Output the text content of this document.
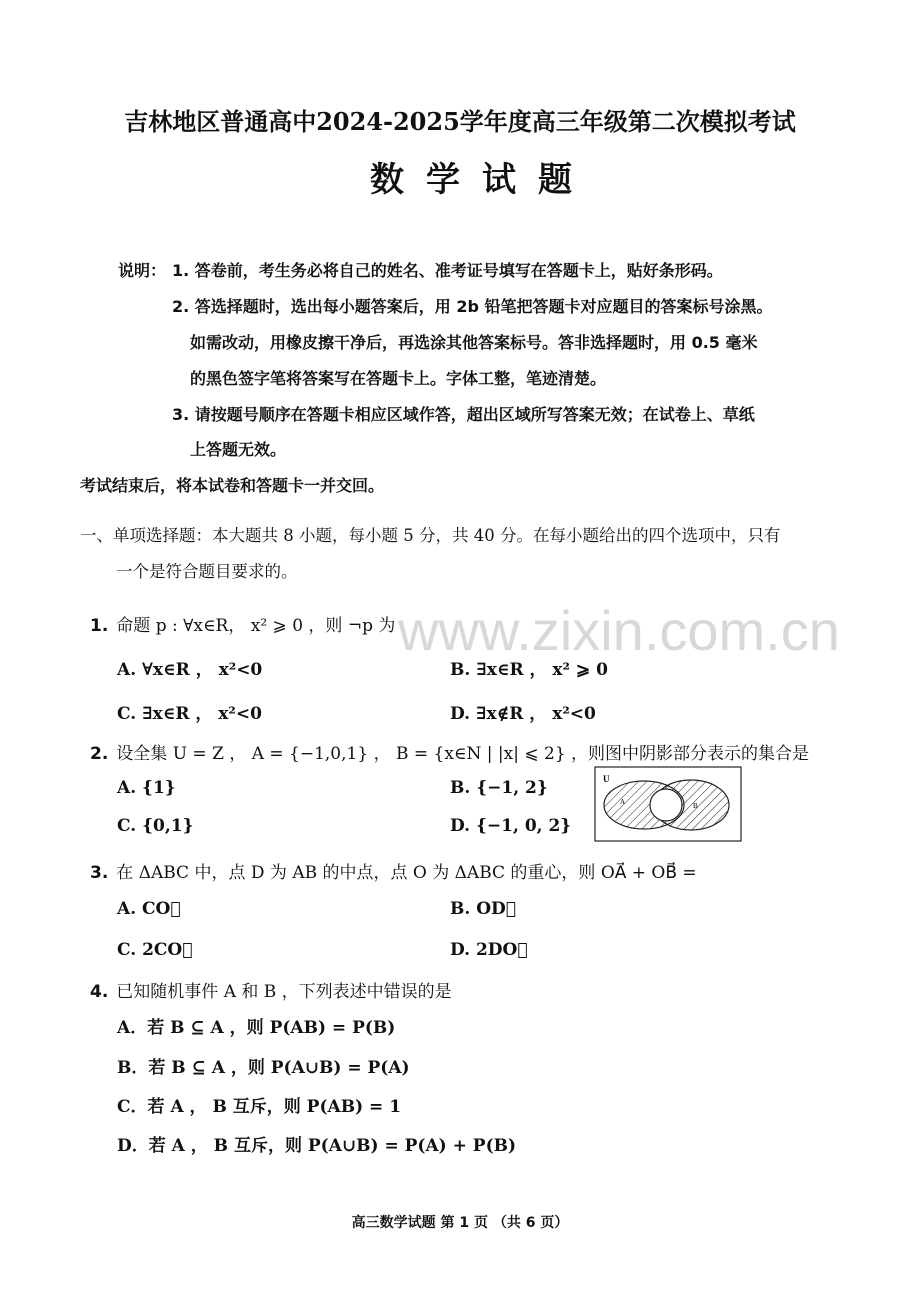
www.zixin.com.cn
吉林地区普通高中2024-2025学年度高三年级第二次模拟考试
数学试题
说明： 1. 答卷前，考生务必将自己的姓名、准考证号填写在答题卡上，贴好条形码。
2. 答选择题时，选出每小题答案后，用 2b 铅笔把答题卡对应题目的答案标号涂黑。
如需改动，用橡皮擦干净后，再选涂其他答案标号。答非选择题时，用 0.5 毫米
的黑色签字笔将答案写在答题卡上。字体工整，笔迹清楚。
3. 请按题号顺序在答题卡相应区域作答，超出区域所写答案无效；在试卷上、草纸
上答题无效。
考试结束后，将本试卷和答题卡一并交回。
一、单项选择题：本大题共 8 小题，每小题 5 分，共 40 分。在每小题给出的四个选项中，只有
一个是符合题目要求的。
1. 命题 p : ∀x∈R， x² ⩾ 0 ，则 ¬p 为
A. ∀x∈R ， x²<0	B. ∃x∈R ， x² ⩾ 0
C. ∃x∈R ， x²<0	D. ∃x∉R ， x²<0
2. 设全集 U = Z ， A = {−1,0,1} ， B = {x∈N | |x| ⩽ 2} ，则图中阴影部分表示的集合是
A. {1}	B. {−1, 2}
C. {0,1}	D. {−1, 0, 2}
U
A	B
3. 在 ΔABC 中，点 D 为 AB 的中点，点 O 为 ΔABC 的重心，则 OA⃗ + OB⃗ =
A. CO⃗	B. OD⃗
C. 2CO⃗	D. 2DO⃗
4. 已知随机事件 A 和 B ，下列表述中错误的是
A．若 B ⊆ A ，则 P(AB) = P(B)
B．若 B ⊆ A ，则 P(A∪B) = P(A)
C．若 A ， B 互斥，则 P(AB) = 1
D．若 A ， B 互斥，则 P(A∪B) = P(A) + P(B)
高三数学试题 第 1 页 （共 6 页）
